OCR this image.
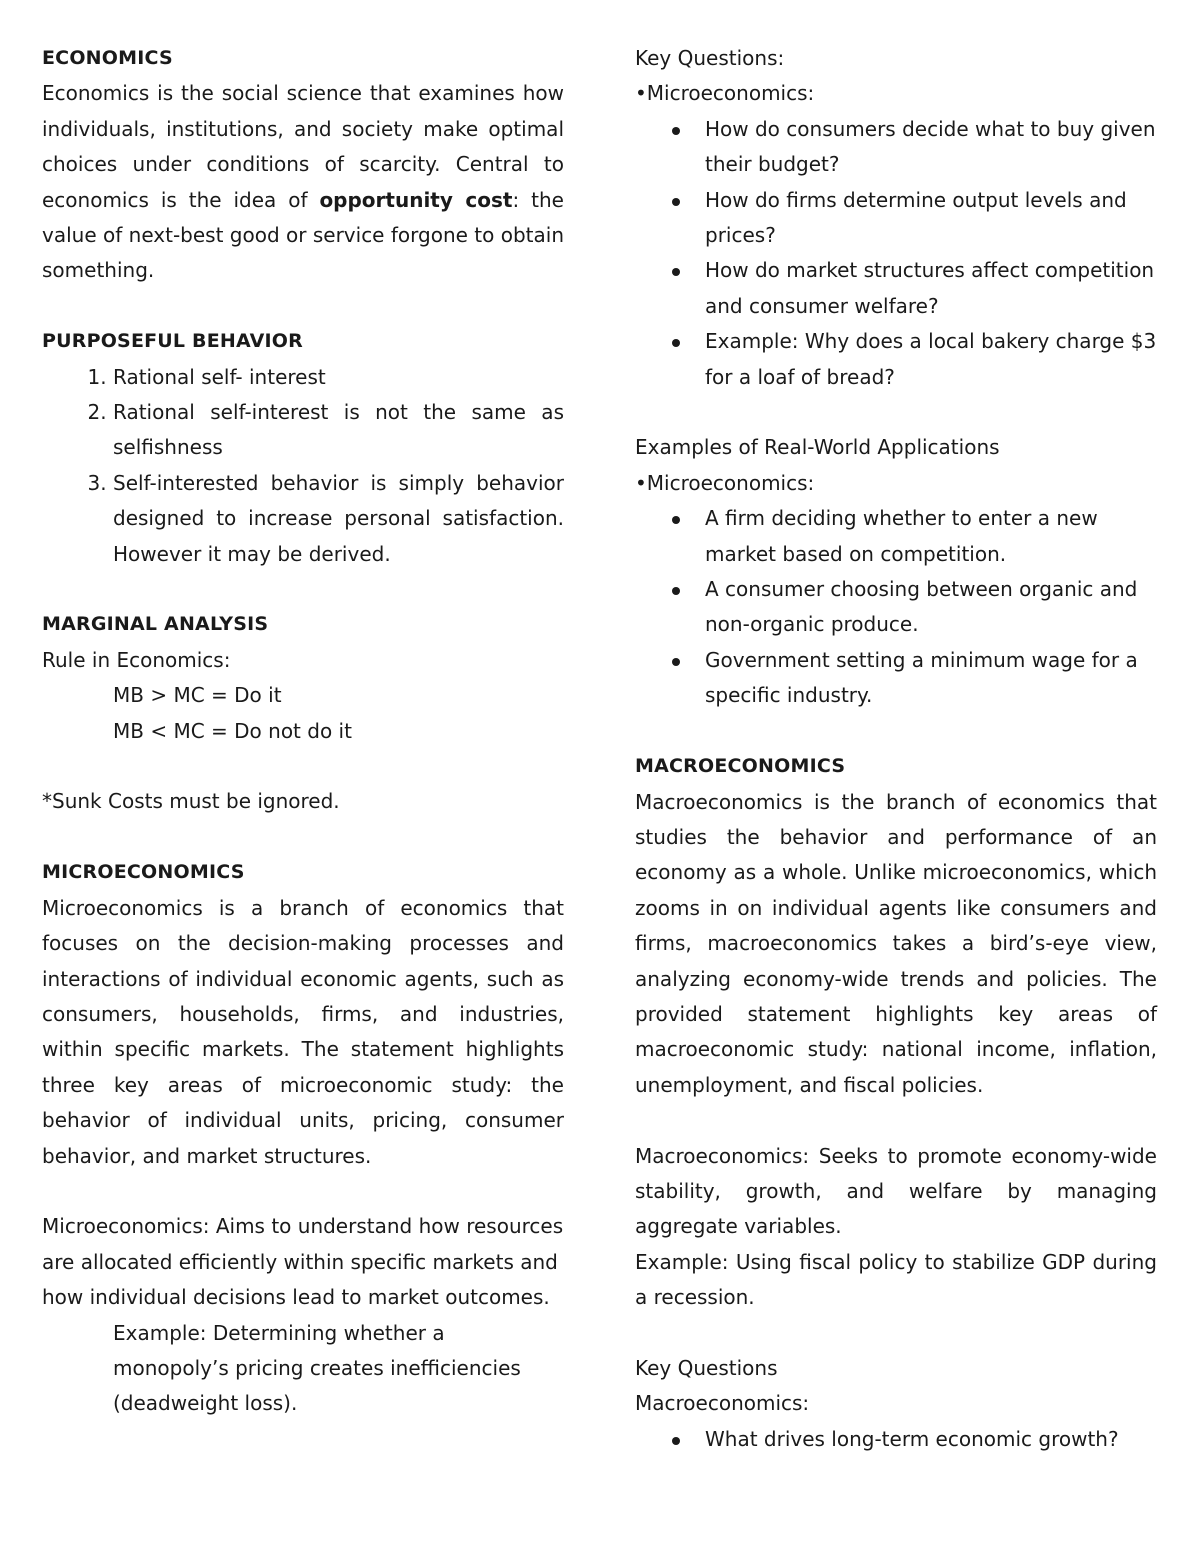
ECONOMICS

Economics is the social science that examines how individuals, institutions, and society make optimal choices under conditions of scarcity. Central to economics is the idea of opportunity cost: the value of next-best good or service forgone to obtain something.

PURPOSEFUL BEHAVIOR
1. Rational self- interest
2. Rational self-interest is not the same as selfishness
3. Self-interested behavior is simply behavior designed to increase personal satisfaction. However it may be derived.
MARGINAL ANALYSIS

Rule in Economics:

MB > MC = Do it

MB < MC = Do not do it

*Sunk Costs must be ignored.

MICROECONOMICS

Microeconomics is a branch of economics that focuses on the decision-making processes and interactions of individual economic agents, such as consumers, households, firms, and industries, within specific markets. The statement highlights three key areas of microeconomic study: the behavior of individual units, pricing, consumer behavior, and market structures.

Microeconomics: Aims to understand how resources are allocated efficiently within specific markets and how individual decisions lead to market outcomes.

Example: Determining whether a monopoly’s pricing creates inefficiencies (deadweight loss).

Key Questions:

•Microeconomics:

How do consumers decide what to buy given their budget?
How do firms determine output levels and prices?
How do market structures affect competition and consumer welfare?
Example: Why does a local bakery charge $3 for a loaf of bread?

Examples of Real-World Applications

•Microeconomics:

A firm deciding whether to enter a new market based on competition.
A consumer choosing between organic and non-organic produce.
Government setting a minimum wage for a specific industry.
MACROECONOMICS

Macroeconomics is the branch of economics that studies the behavior and performance of an economy as a whole. Unlike microeconomics, which zooms in on individual agents like consumers and firms, macroeconomics takes a bird’s-eye view, analyzing economy-wide trends and policies. The provided statement highlights key areas of macroeconomic study: national income, inflation, unemployment, and fiscal policies.

Macroeconomics: Seeks to promote economy-wide stability, growth, and welfare by managing aggregate variables.

Example: Using fiscal policy to stabilize GDP during a recession.

Key Questions

Macroeconomics:

What drives long-term economic growth?
